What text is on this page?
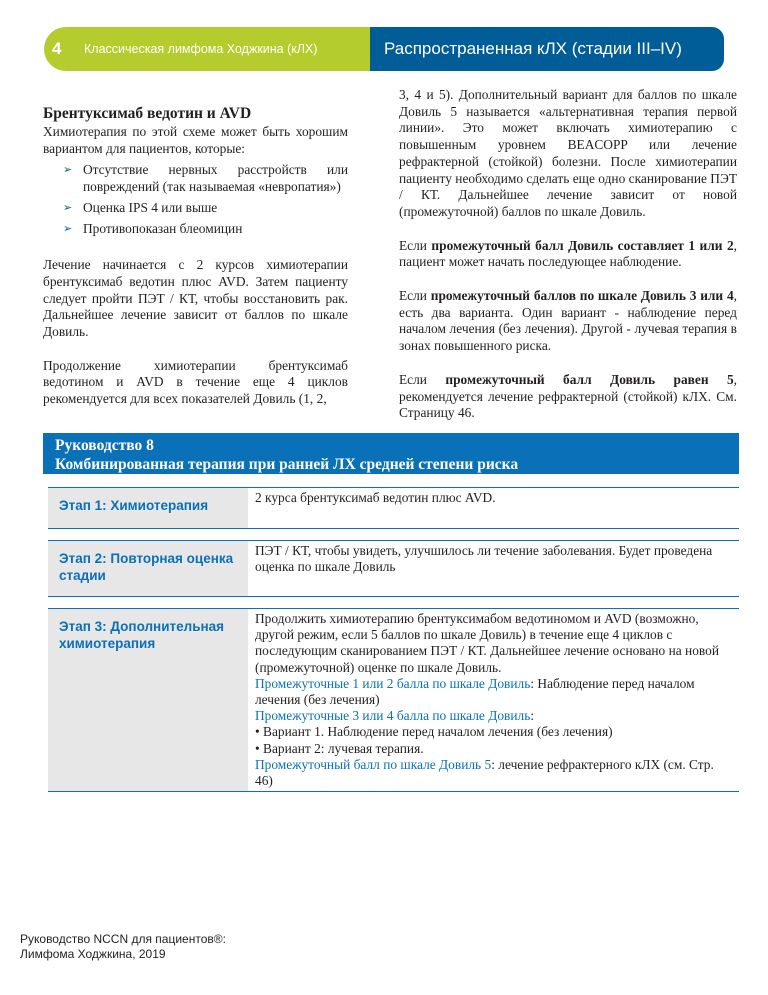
4	Классическая лимфома Ходжкина (кЛХ)	Распространенная кЛХ (стадии III–IV)
Брентуксимаб ведотин и AVD

Химиотерапия по этой схеме может быть хорошим вариантом для пациентов, которые:

➢ Отсутствие нервных расстройств или повреждений (так называемая «невропатия»)
➢ Оценка IPS 4 или выше
➢ Противопоказан блеомицин

Лечение начинается с 2 курсов химиотерапии брентуксимаб ведотин плюс AVD. Затем пациенту следует пройти ПЭТ / КТ, чтобы восстановить рак. Дальнейшее лечение зависит от баллов по шкале Довиль.

Продолжение химиотерапии брентуксимаб ведотином и AVD в течение еще 4 циклов рекомендуется для всех показателей Довиль (1, 2,

3, 4 и 5). Дополнительный вариант для баллов по шкале Довиль 5 называется «альтернативная терапия первой линии». Это может включать химиотерапию с повышенным уровнем BEACOPP или лечение рефрактерной (стойкой) болезни. После химиотерапии пациенту необходимо сделать еще одно сканирование ПЭТ / КТ. Дальнейшее лечение зависит от новой (промежуточной) баллов по шкале Довиль.

Если промежуточный балл Довиль составляет 1 или 2, пациент может начать последующее наблюдение.

Если промежуточный баллов по шкале Довиль 3 или 4, есть два варианта. Один вариант - наблюдение перед началом лечения (без лечения). Другой - лучевая терапия в зонах повышенного риска.

Если промежуточный балл Довиль равен 5, рекомендуется лечение рефрактерной (стойкой) кЛХ. См. Страницу 46.

Руководство 8
Комбинированная терапия при ранней ЛХ средней степени риска
Этап 1: Химиотерапия

2 курса брентуксимаб ведотин плюс AVD.

Этап 2: Повторная оценка стадии

ПЭТ / КТ, чтобы увидеть, улучшилось ли течение заболевания. Будет проведена оценка по шкале Довиль

Этап 3: Дополнительная химиотерапия

Продолжить химиотерапию брентуксимабом ведотиномом и AVD (возможно, другой режим, если 5 баллов по шкале Довиль) в течение еще 4 циклов с последующим сканированием ПЭТ / КТ. Дальнейшее лечение основано на новой (промежуточной) оценке по шкале Довиль.

Промежуточные 1 или 2 балла по шкале Довиль: Наблюдение перед началом лечения (без лечения)

Промежуточные 3 или 4 балла по шкале Довиль:

• Вариант 1. Наблюдение перед началом лечения (без лечения)

• Вариант 2: лучевая терапия.

Промежуточный балл по шкале Довиль 5: лечение рефрактерного кЛХ (см. Стр. 46)

Руководство NCCN для пациентов®:
Лимфома Ходжкина, 2019
